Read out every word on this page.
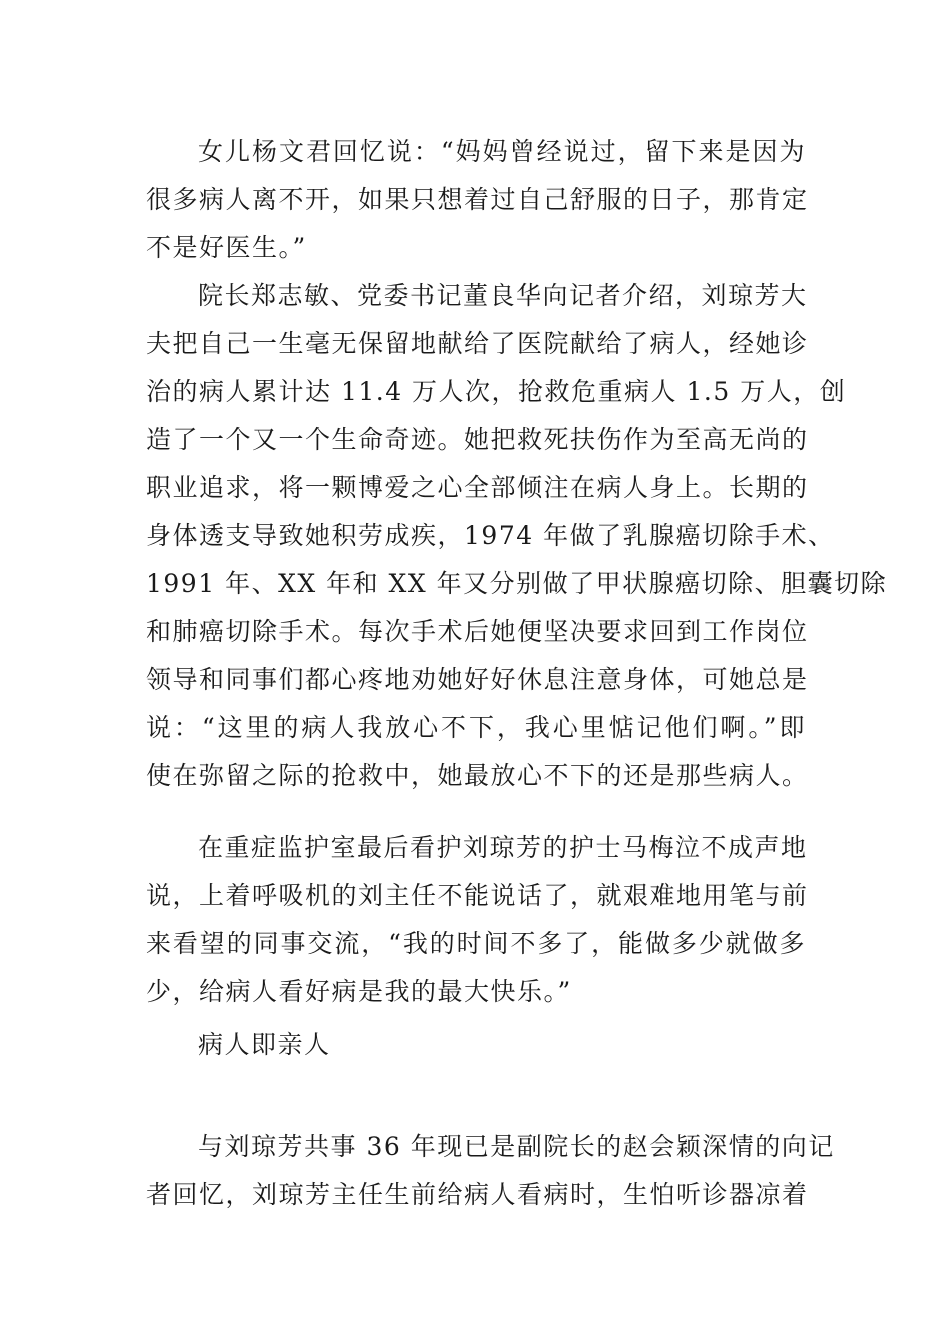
女儿杨文君回忆说：“妈妈曾经说过，留下来是因为
很多病人离不开，如果只想着过自己舒服的日子，那肯定
不是好医生。”
院长郑志敏、党委书记董良华向记者介绍，刘琼芳大
夫把自己一生毫无保留地献给了医院献给了病人，经她诊
治的病人累计达 11.4 万人次，抢救危重病人 1.5 万人，创
造了一个又一个生命奇迹。她把救死扶伤作为至高无尚的
职业追求，将一颗博爱之心全部倾注在病人身上。长期的
身体透支导致她积劳成疾，1974 年做了乳腺癌切除手术、
1991 年、XX 年和 XX 年又分别做了甲状腺癌切除、胆囊切除
和肺癌切除手术。每次手术后她便坚决要求回到工作岗位
领导和同事们都心疼地劝她好好休息注意身体，可她总是
说：“这里的病人我放心不下，我心里惦记他们啊。”即
使在弥留之际的抢救中，她最放心不下的还是那些病人。
在重症监护室最后看护刘琼芳的护士马梅泣不成声地
说，上着呼吸机的刘主任不能说话了，就艰难地用笔与前
来看望的同事交流，“我的时间不多了，能做多少就做多
少，给病人看好病是我的最大快乐。”
病人即亲人
与刘琼芳共事 36 年现已是副院长的赵会颖深情的向记
者回忆，刘琼芳主任生前给病人看病时，生怕听诊器凉着
